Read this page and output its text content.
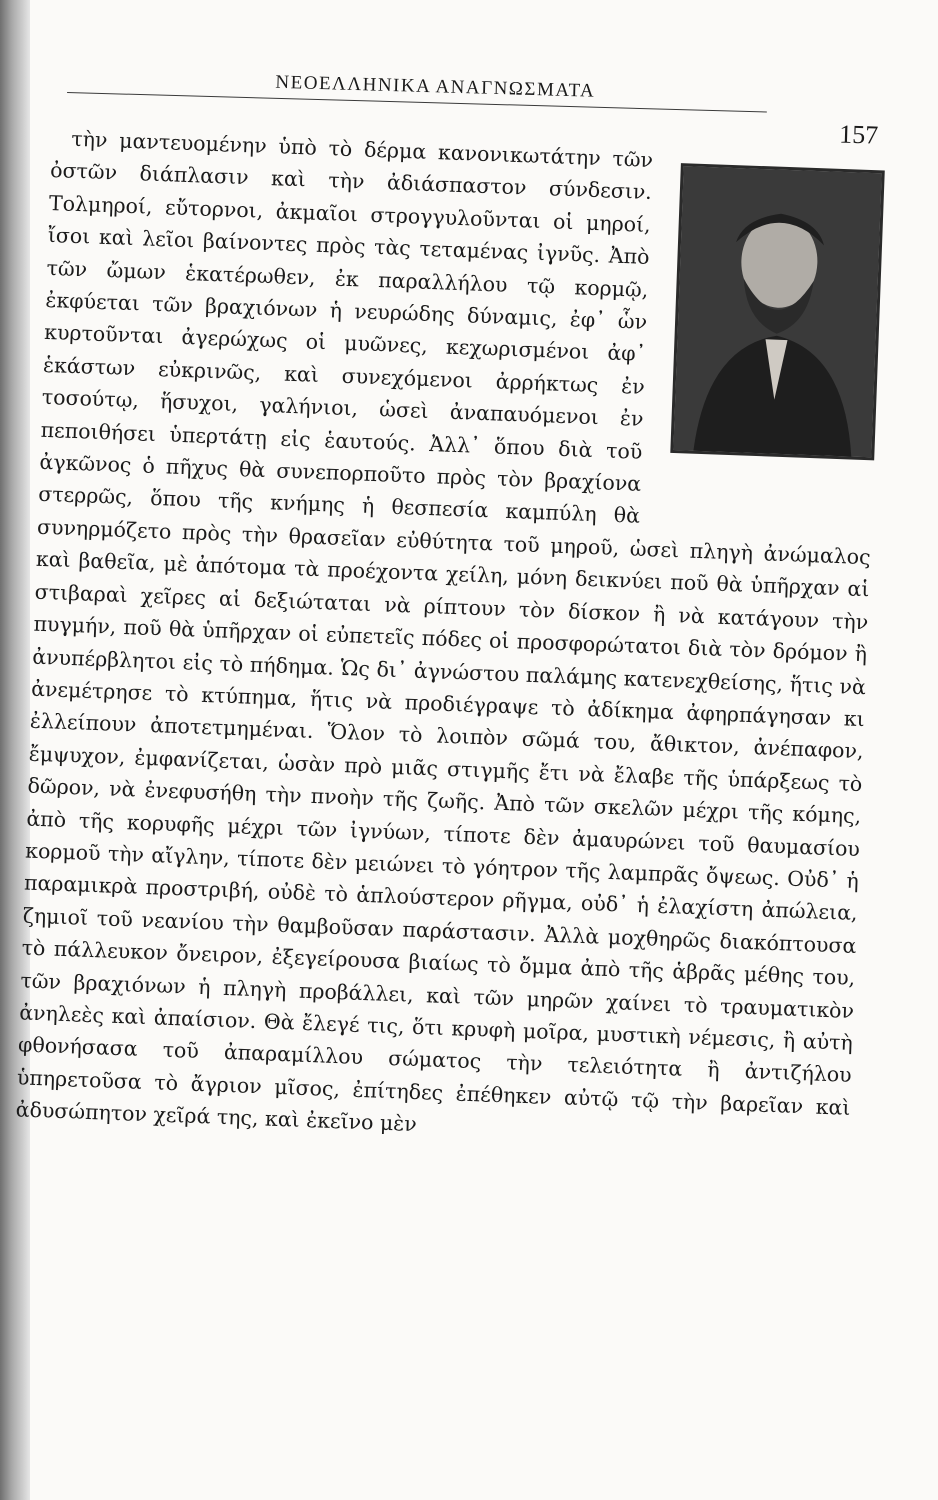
ΝΕΟΕΛΛΗΝΙΚΑ ΑΝΑΓΝΩΣΜΑΤΑ
157

τὴν μαντευομένην ὑπὸ τὸ δέρμα κανονικωτάτην τῶν ὀστῶν διάπλασιν καὶ τὴν ἀδιάσπαστον σύνδεσιν. Τολμηροί, εὔτορνοι, ἀκμαῖοι στρογγυλοῦνται οἱ μηροί, ἴσοι καὶ λεῖοι βαίνοντες πρὸς τὰς τεταμένας ἰγνῦς. Ἀπὸ τῶν ὤμων ἑκατέρωθεν, ἐκ παραλλήλου τῷ κορμῷ, ἐκφύεται τῶν βραχιόνων ἡ νευρώδης δύναμις, ἐφ᾽ ὧν κυρτοῦνται ἀγερώχως οἱ μυῶνες, κεχωρισμένοι ἀφ᾽ ἑκάστων εὐκρινῶς, καὶ συνεχόμενοι ἀρρήκτως ἐν τοσούτῳ, ἥσυχοι, γαλήνιοι, ὡσεὶ ἀναπαυόμενοι ἐν πεποιθήσει ὑπερτάτῃ εἰς ἑαυτούς. Ἀλλ᾽ ὅπου διὰ τοῦ ἀγκῶνος ὁ πῆχυς θὰ συνεπορποῦτο πρὸς τὸν βραχίονα στερρῶς, ὅπου τῆς κνήμης ἡ θεσπεσία καμπύλη θὰ συνηρμόζετο πρὸς τὴν θρασεῖαν εὐθύτητα τοῦ μηροῦ, ὡσεὶ πληγὴ ἀνώμαλος καὶ βαθεῖα, μὲ ἀπότομα τὰ προέχοντα χείλη, μόνη δεικνύει ποῦ θὰ ὑπῆρχαν αἱ στιβαραὶ χεῖρες αἱ δεξιώταται νὰ ρίπτουν τὸν δίσκον ἢ νὰ κατάγουν τὴν πυγμήν, ποῦ θὰ ὑπῆρχαν οἱ εὐπετεῖς πόδες οἱ προσφορώτατοι διὰ τὸν δρόμον ἢ ἀνυπέρβλητοι εἰς τὸ πήδημα. Ὡς δι᾽ ἀγνώστου παλάμης κατενεχθείσης, ἥτις νὰ ἀνεμέτρησε τὸ κτύπημα, ἥτις νὰ προδιέγραψε τὸ ἀδίκημα ἀφηρπάγησαν κι ἐλλείπουν ἀποτετμημέναι. Ὅλον τὸ λοιπὸν σῶμά του, ἄθικτον, ἀνέπαφον, ἔμψυχον, ἐμφανίζεται, ὡσὰν πρὸ μιᾶς στιγμῆς ἔτι νὰ ἔλαβε τῆς ὑπάρξεως τὸ δῶρον, νὰ ἐνεφυσήθη τὴν πνοὴν τῆς ζωῆς. Ἀπὸ τῶν σκελῶν μέχρι τῆς κόμης, ἀπὸ τῆς κορυφῆς μέχρι τῶν ἰγνύων, τίποτε δὲν ἀμαυρώνει τοῦ θαυμασίου κορμοῦ τὴν αἴγλην, τίποτε δὲν μειώνει τὸ γόητρον τῆς λαμπρᾶς ὄψεως. Οὐδ᾽ ἡ παραμικρὰ προστριβή, οὐδὲ τὸ ἁπλούστερον ρῆγμα, οὐδ᾽ ἡ ἐλαχίστη ἀπώλεια, ζημιοῖ τοῦ νεανίου τὴν θαμβοῦσαν παράστασιν. Ἀλλὰ μοχθηρῶς διακόπτουσα τὸ πάλλευκον ὄνειρον, ἐξεγείρουσα βιαίως τὸ ὄμμα ἀπὸ τῆς ἁβρᾶς μέθης του, τῶν βραχιόνων ἡ πληγὴ προβάλλει, καὶ τῶν μηρῶν χαίνει τὸ τραυματικὸν ἀνηλεὲς καὶ ἀπαίσιον. Θὰ ἔλεγέ τις, ὅτι κρυφὴ μοῖρα, μυστικὴ νέμεσις, ἢ αὐτὴ φθονήσασα τοῦ ἀπαραμίλλου σώματος τὴν τελειότητα ἢ ἀντιζήλου ὑπηρετοῦσα τὸ ἄγριον μῖσος, ἐπίτηδες ἐπέθηκεν αὐτῷ τῷ τὴν βαρεῖαν καὶ ἀδυσώπητον χεῖρά της, καὶ ἐκεῖνο μὲν
